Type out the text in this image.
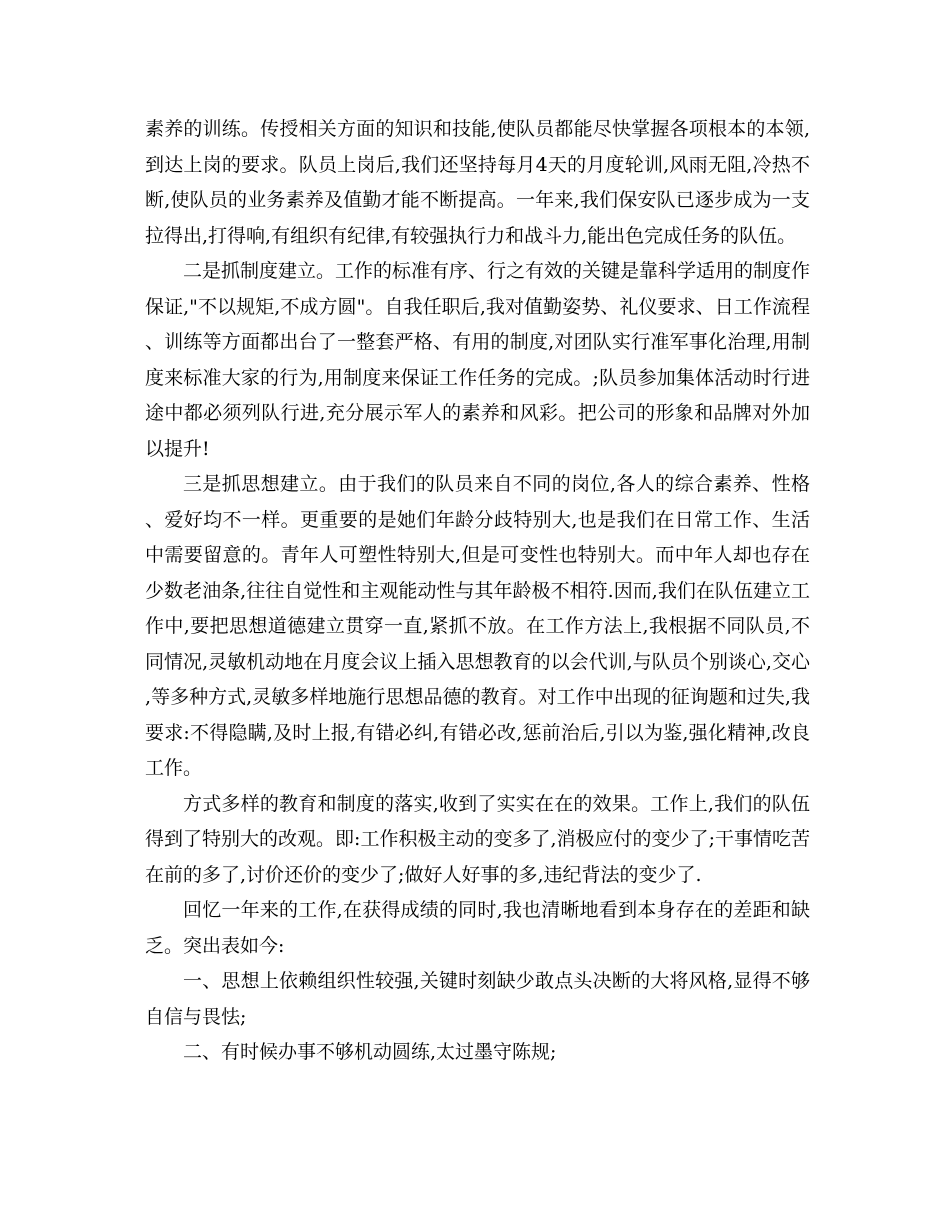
素养的训练。传授相关方面的知识和技能,使队员都能尽快掌握各项根本的本领,到达上岗的要求。队员上岗后,我们还坚持每月4天的月度轮训,风雨无阻,冷热不断,使队员的业务素养及值勤才能不断提高。一年来,我们保安队已逐步成为一支拉得出,打得响,有组织有纪律,有较强执行力和战斗力,能出色完成任务的队伍。

二是抓制度建立。工作的标准有序、行之有效的关键是靠科学适用的制度作保证,"不以规矩,不成方圆"。自我任职后,我对值勤姿势、礼仪要求、日工作流程、训练等方面都出台了一整套严格、有用的制度,对团队实行准军事化治理,用制度来标准大家的行为,用制度来保证工作任务的完成。;队员参加集体活动时行进途中都必须列队行进,充分展示军人的素养和风彩。把公司的形象和品牌对外加以提升!

三是抓思想建立。由于我们的队员来自不同的岗位,各人的综合素养、性格、爱好均不一样。更重要的是她们年龄分歧特别大,也是我们在日常工作、生活中需要留意的。青年人可塑性特别大,但是可变性也特别大。而中年人却也存在少数老油条,往往自觉性和主观能动性与其年龄极不相符.因而,我们在队伍建立工作中,要把思想道德建立贯穿一直,紧抓不放。在工作方法上,我根据不同队员,不同情况,灵敏机动地在月度会议上插入思想教育的以会代训,与队员个别谈心,交心,等多种方式,灵敏多样地施行思想品德的教育。对工作中出现的征询题和过失,我要求:不得隐瞒,及时上报,有错必纠,有错必改,惩前治后,引以为鉴,强化精神,改良工作。

方式多样的教育和制度的落实,收到了实实在在的效果。工作上,我们的队伍得到了特别大的改观。即:工作积极主动的变多了,消极应付的变少了;干事情吃苦在前的多了,讨价还价的变少了;做好人好事的多,违纪背法的变少了.

回忆一年来的工作,在获得成绩的同时,我也清晰地看到本身存在的差距和缺乏。突出表如今:

一、思想上依赖组织性较强,关键时刻缺少敢点头决断的大将风格,显得不够自信与畏怯;

二、有时候办事不够机动圆练,太过墨守陈规;
